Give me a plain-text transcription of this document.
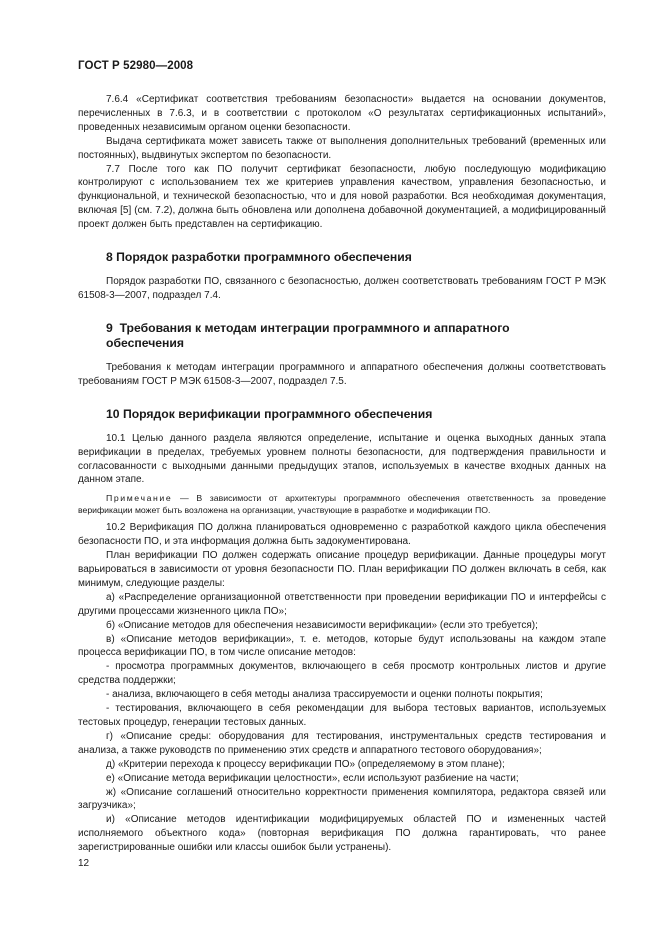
ГОСТ Р 52980—2008

7.6.4 «Сертификат соответствия требованиям безопасности» выдается на основании документов, перечисленных в 7.6.3, и в соответствии с протоколом «О результатах сертификационных испытаний», проведенных независимым органом оценки безопасности.

Выдача сертификата может зависеть также от выполнения дополнительных требований (временных или постоянных), выдвинутых экспертом по безопасности.

7.7 После того как ПО получит сертификат безопасности, любую последующую модификацию контролируют с использованием тех же критериев управления качеством, управления безопасностью, и функциональной, и технической безопасностью, что и для новой разработки. Вся необходимая документация, включая [5] (см. 7.2), должна быть обновлена или дополнена добавочной документацией, а модифицированный проект должен быть представлен на сертификацию.

8 Порядок разработки программного обеспечения

Порядок разработки ПО, связанного с безопасностью, должен соответствовать требованиям ГОСТ Р МЭК 61508-3—2007, подраздел 7.4.

9 Требования к методам интеграции программного и аппаратного
обеспечения

Требования к методам интеграции программного и аппаратного обеспечения должны соответствовать требованиям ГОСТ Р МЭК 61508-3—2007, подраздел 7.5.

10 Порядок верификации программного обеспечения

10.1 Целью данного раздела являются определение, испытание и оценка выходных данных этапа верификации в пределах, требуемых уровнем полноты безопасности, для подтверждения правильности и согласованности с выходными данными предыдущих этапов, используемых в качестве входных данных на данном этапе.

Примечание — В зависимости от архитектуры программного обеспечения ответственность за проведение верификации может быть возложена на организации, участвующие в разработке и модификации ПО.

10.2 Верификация ПО должна планироваться одновременно с разработкой каждого цикла обеспечения безопасности ПО, и эта информация должна быть задокументирована.

План верификации ПО должен содержать описание процедур верификации. Данные процедуры могут варьироваться в зависимости от уровня безопасности ПО. План верификации ПО должен включать в себя, как минимум, следующие разделы:

а) «Распределение организационной ответственности при проведении верификации ПО и интерфейсы с другими процессами жизненного цикла ПО»;

б) «Описание методов для обеспечения независимости верификации» (если это требуется);

в) «Описание методов верификации», т. е. методов, которые будут использованы на каждом этапе процесса верификации ПО, в том числе описание методов:

- просмотра программных документов, включающего в себя просмотр контрольных листов и другие средства поддержки;

- анализа, включающего в себя методы анализа трассируемости и оценки полноты покрытия;

- тестирования, включающего в себя рекомендации для выбора тестовых вариантов, используемых тестовых процедур, генерации тестовых данных.

г) «Описание среды: оборудования для тестирования, инструментальных средств тестирования и анализа, а также руководств по применению этих средств и аппаратного тестового оборудования»;

д) «Критерии перехода к процессу верификации ПО» (определяемому в этом плане);

е) «Описание метода верификации целостности», если используют разбиение на части;

ж) «Описание соглашений относительно корректности применения компилятора, редактора связей или загрузчика»;

и) «Описание методов идентификации модифицируемых областей ПО и измененных частей исполняемого объектного кода» (повторная верификация ПО должна гарантировать, что ранее зарегистрированные ошибки или классы ошибок были устранены).

12
